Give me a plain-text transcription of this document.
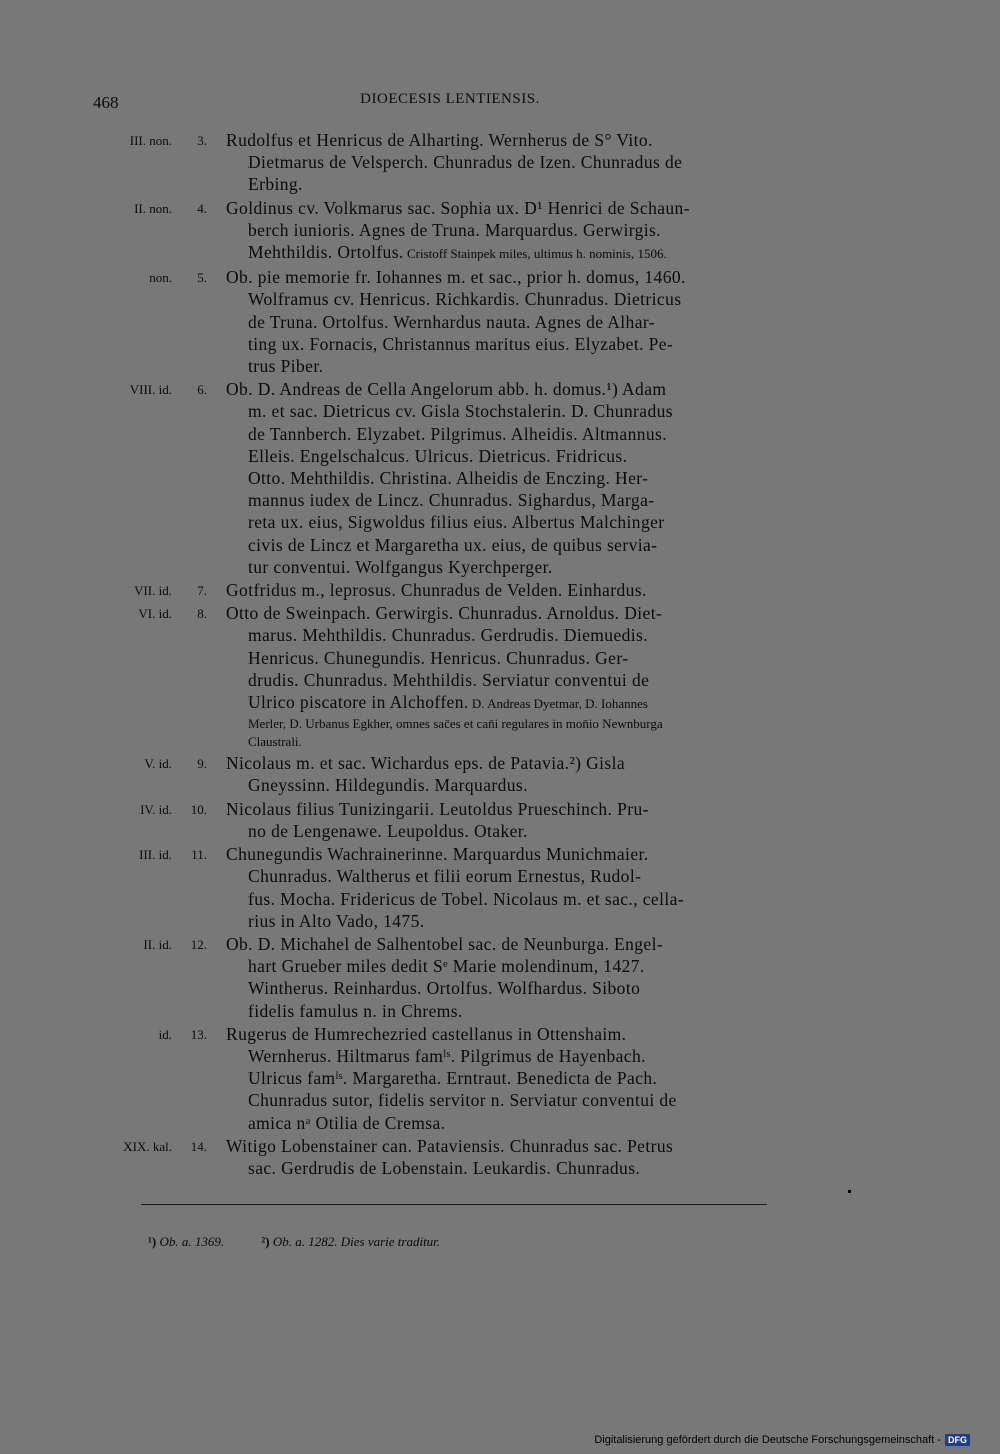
468	DIOECESIS LENTIENSIS.
III. non.	3. Rudolfus et Henricus de Alharting. Wernherus de S° Vito.
Dietmarus de Velsperch. Chunradus de Izen. Chunradus de
Erbing.
II. non.	4. Goldinus cv. Volkmarus sac. Sophia ux. D¹ Henrici de Schaun-
berch iunioris. Agnes de Truna. Marquardus. Gerwirgis.
Mehthildis. Ortolfus. Cristoff Stainpek miles, ultimus h. nominis, 1506.
non.	5. Ob. pie memorie fr. Iohannes m. et sac., prior h. domus, 1460.
Wolframus cv. Henricus. Richkardis. Chunradus. Dietricus
de Truna. Ortolfus. Wernhardus nauta. Agnes de Alhar-
ting ux. Fornacis, Christannus maritus eius. Elyzabet. Pe-
trus Piber.
VIII. id.	6. Ob. D. Andreas de Cella Angelorum abb. h. domus.¹) Adam
m. et sac. Dietricus cv. Gisla Stochstalerin. D. Chunradus
de Tannberch. Elyzabet. Pilgrimus. Alheidis. Altmannus.
Elleis. Engelschalcus. Ulricus. Dietricus. Fridricus.
Otto. Mehthildis. Christina. Alheidis de Enczing. Her-
mannus iudex de Lincz. Chunradus. Sighardus, Marga-
reta ux. eius, Sigwoldus filius eius. Albertus Malchinger
civis de Lincz et Margaretha ux. eius, de quibus servia-
tur conventui. Wolfgangus Kyerchperger.
VII. id.	7. Gotfridus m., leprosus. Chunradus de Velden. Einhardus.
VI. id.	8. Otto de Sweinpach. Gerwirgis. Chunradus. Arnoldus. Diet-
marus. Mehthildis. Chunradus. Gerdrudis. Diemuedis.
Henricus. Chunegundis. Henricus. Chunradus. Ger-
drudis. Chunradus. Mehthildis. Serviatur conventui de
Ulrico piscatore in Alchoffen. D. Andreas Dyetmar, D. Iohannes
Merler, D. Urbanus Egkher, omnes sac̄es et can̄i regulares in mon̄io Newnburga
Claustrali.
V. id.	9. Nicolaus m. et sac. Wichardus eps. de Patavia.²) Gisla
Gneyssinn. Hildegundis. Marquardus.
IV. id.	10. Nicolaus filius Tunizingarii. Leutoldus Prueschinch. Pru-
no de Lengenawe. Leupoldus. Otaker.
III. id.	11. Chunegundis Wachrainerinne. Marquardus Munichmaier.
Chunradus. Waltherus et filii eorum Ernestus, Rudol-
fus. Mocha. Fridericus de Tobel. Nicolaus m. et sac., cella-
rius in Alto Vado, 1475.
II. id.	12. Ob. D. Michahel de Salhentobel sac. de Neunburga. Engel-
hart Grueber miles dedit Sᵉ Marie molendinum, 1427.
Wintherus. Reinhardus. Ortolfus. Wolfhardus. Siboto
fidelis famulus n. in Chrems.
id.	13. Rugerus de Humrechezried castellanus in Ottenshaim.
Wernherus. Hiltmarus famˡˢ. Pilgrimus de Hayenbach.
Ulricus famˡˢ. Margaretha. Erntraut. Benedicta de Pach.
Chunradus sutor, fidelis servitor n. Serviatur conventui de
amica nᵃ Otilia de Cremsa.
XIX. kal.	14. Witigo Lobenstainer can. Pataviensis. Chunradus sac. Petrus
sac. Gerdrudis de Lobenstain. Leukardis. Chunradus.
¹) Ob. a. 1369.	²) Ob. a. 1282. Dies varie traditur.
Digitalisierung gefördert durch die Deutsche Forschungsgemeinschaft - DFG
